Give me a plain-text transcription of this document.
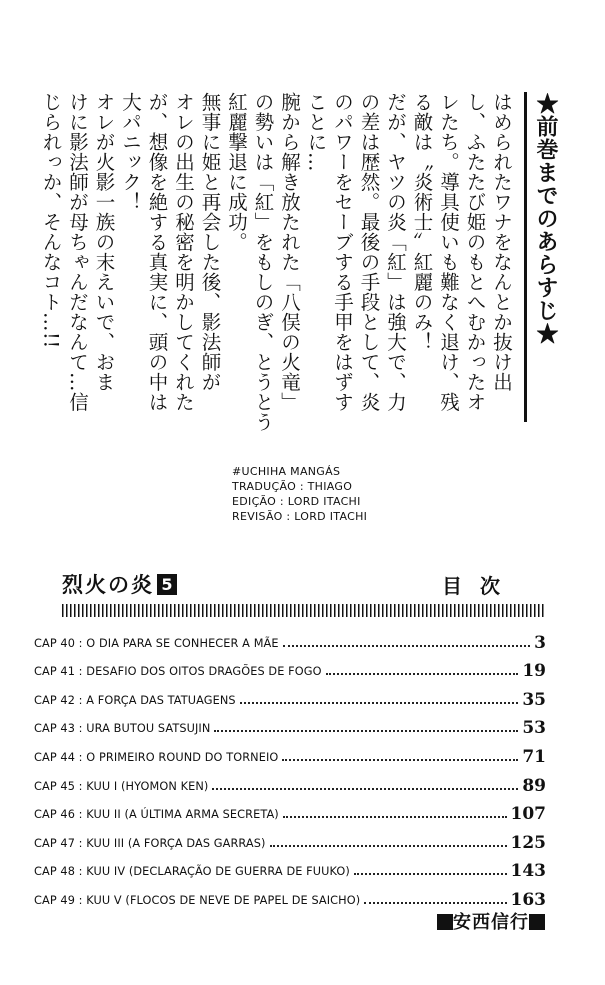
★前巻までのあらすじ★

はめられたワナをなんとか抜け出

し、ふたたび姫のもとへむかったオ

レたち。導具使いも難なく退け、残

る敵は〝炎術士〟紅麗のみ！

だが、ヤツの炎「紅」は強大で、力

の差は歴然。最後の手段として、炎

のパワーをセーブする手甲をはずす

ことに…

腕から解き放たれた「八俣の火竜」

の勢いは「紅」をもしのぎ、とうとう

紅麗撃退に成功。

無事に姫と再会した後、影法師が

オレの出生の秘密を明かしてくれた

が、想像を絶する真実に、頭の中は

大パニック！

オレが火影一族の末えいで、おま

けに影法師が母ちゃんだなんて…信

じられっか、そんなコト…!!

#UCHIHA MANGÁS
TRADUÇÃO : THIAGO
EDIÇÃO : LORD ITACHI
REVISÃO : LORD ITACHI
烈火の炎 5	目次
CAP 40 : O DIA PARA SE CONHECER A MÃE	3
CAP 41 : DESAFIO DOS OITOS DRAGÕES DE FOGO	19
CAP 42 : A FORÇA DAS TATUAGENS	35
CAP 43 : URA BUTOU SATSUJIN	53
CAP 44 : O PRIMEIRO ROUND DO TORNEIO	71
CAP 45 : KUU I (HYOMON KEN)	89
CAP 46 : KUU II (A ÚLTIMA ARMA SECRETA)	107
CAP 47 : KUU III (A FORÇA DAS GARRAS)	125
CAP 48 : KUU IV (DECLARAÇÃO DE GUERRA DE FUUKO)	143
CAP 49 : KUU V (FLOCOS DE NEVE DE PAPEL DE SAICHO)	163
安西信行
